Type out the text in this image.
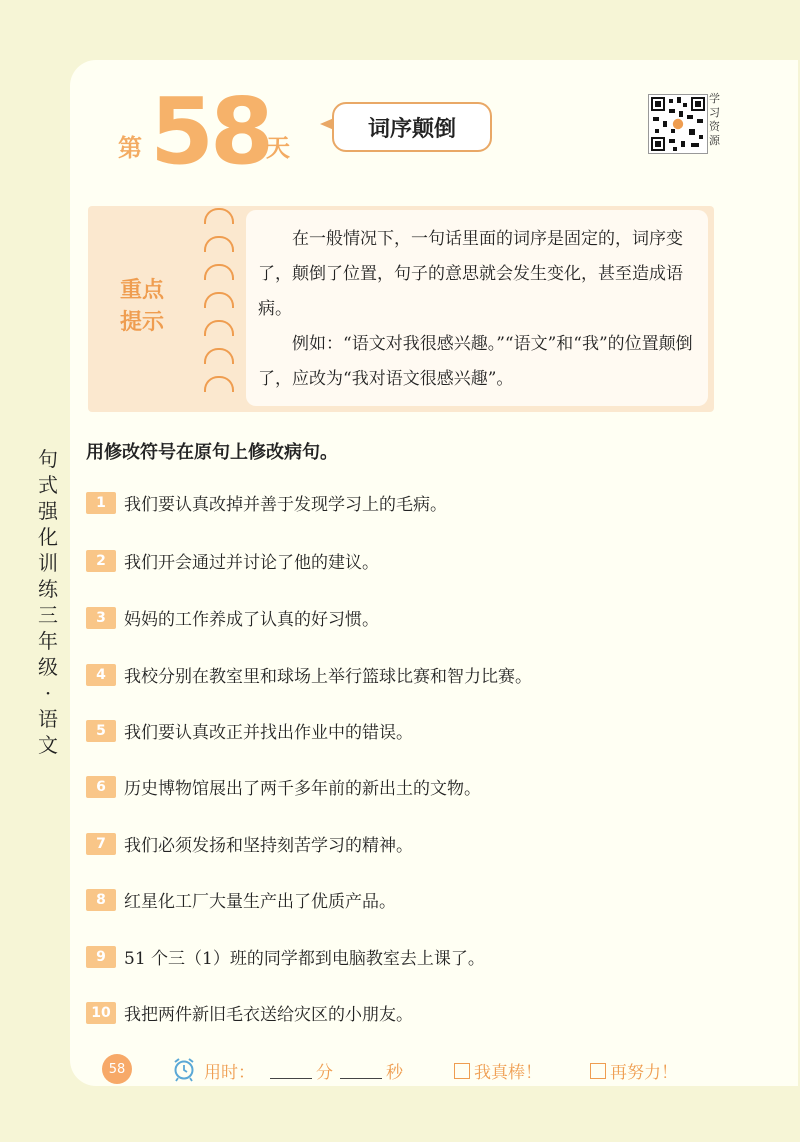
第 58
天
词序颠倒
学习资源
重点
提示

在一般情况下，一句话里面的词序是固定的，词序变了，颠倒了位置，句子的意思就会发生变化，甚至造成语病。

例如：“语文对我很感兴趣。”“语文”和“我”的位置颠倒了，应改为“我对语文很感兴趣”。

句式强化训练 三年级·语文
用修改符号在原句上修改病句。
1	我们要认真改掉并善于发现学习上的毛病。
2	我们开会通过并讨论了他的建议。
3	妈妈的工作养成了认真的好习惯。
4	我校分别在教室里和球场上举行篮球比赛和智力比赛。
5	我们要认真改正并找出作业中的错误。
6	历史博物馆展出了两千多年前的新出土的文物。
7	我们必须发扬和坚持刻苦学习的精神。
8	红星化工厂大量生产出了优质产品。
9	51 个三（1）班的同学都到电脑教室去上课了。
10 我把两件新旧毛衣送给灾区的小朋友。
58	用时：	分	秒	我真棒！	再努力！
